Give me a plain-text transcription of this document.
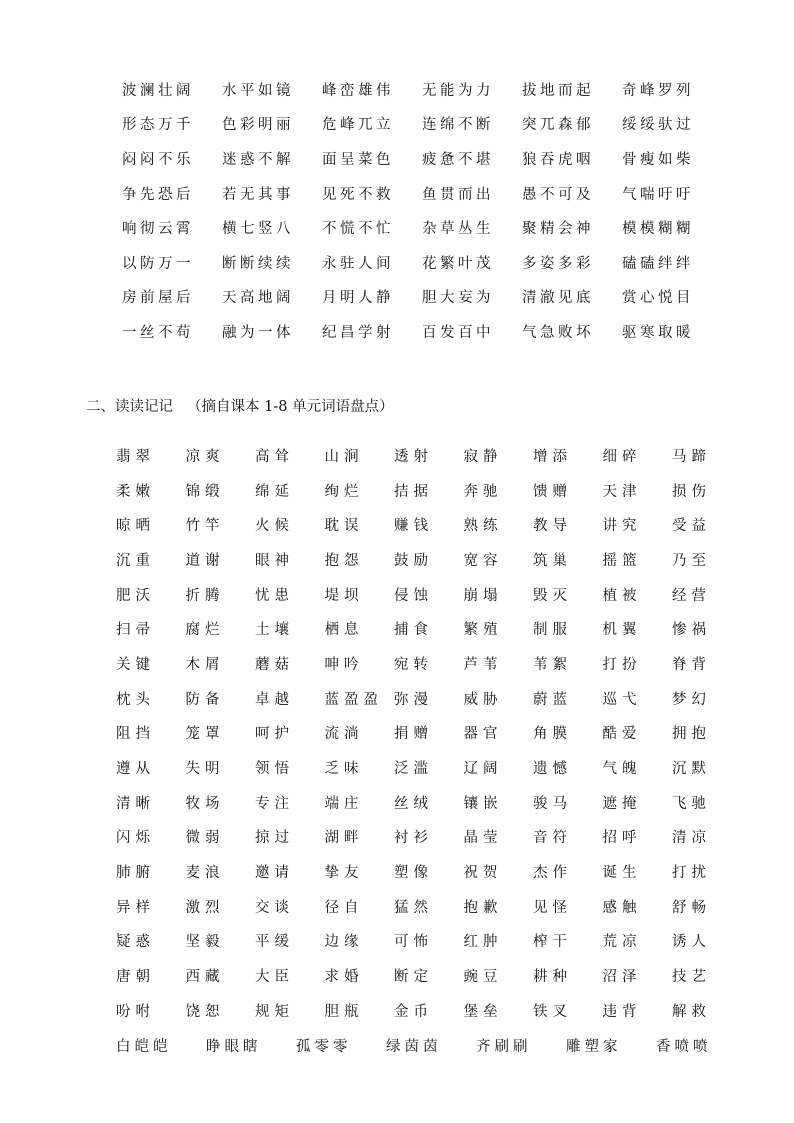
波澜壮阔	水平如镜	峰峦雄伟	无能为力	拔地而起	奇峰罗列
形态万千	色彩明丽	危峰兀立	连绵不断	突兀森郁	绥绥驮过
闷闷不乐	迷惑不解	面呈菜色	疲惫不堪	狼吞虎咽	骨瘦如柴
争先恐后	若无其事	见死不救	鱼贯而出	愚不可及	气喘吁吁
响彻云霄	横七竖八	不慌不忙	杂草丛生	聚精会神	模模糊糊
以防万一	断断续续	永驻人间	花繁叶茂	多姿多彩	磕磕绊绊
房前屋后	天高地阔	月明人静	胆大妄为	清澈见底	赏心悦目
一丝不苟	融为一体	纪昌学射	百发百中	气急败坏	驱寒取暖
二、读读记记 （摘自课本 1-8 单元词语盘点）
翡翠	凉爽	高耸	山涧	透射	寂静	增添	细碎	马蹄
柔嫩	锦缎	绵延	绚烂	拮据	奔驰	馈赠	天津	损伤
晾晒	竹竿	火候	耽误	赚钱	熟练	教导	讲究	受益
沉重	道谢	眼神	抱怨	鼓励	宽容	筑巢	摇篮	乃至
肥沃	折腾	忧患	堤坝	侵蚀	崩塌	毁灭	植被	经营
扫帚	腐烂	土壤	栖息	捕食	繁殖	制服	机翼	惨祸
关键	木屑	蘑菇	呻吟	宛转	芦苇	苇絮	打扮	脊背
枕头	防备	卓越	蓝盈盈 弥漫	威胁	蔚蓝	巡弋	梦幻
阻挡	笼罩	呵护	流淌	捐赠	器官	角膜	酷爱	拥抱
遵从	失明	领悟	乏味	泛滥	辽阔	遗憾	气魄	沉默
清晰	牧场	专注	端庄	丝绒	镶嵌	骏马	遮掩	飞驰
闪烁	微弱	掠过	湖畔	衬衫	晶莹	音符	招呼	清凉
肺腑	麦浪	邀请	挚友	塑像	祝贺	杰作	诞生	打扰
异样	激烈	交谈	径自	猛然	抱歉	见怪	感触	舒畅
疑惑	坚毅	平缓	边缘	可怖	红肿	榨干	荒凉	诱人
唐朝	西藏	大臣	求婚	断定	豌豆	耕种	沼泽	技艺
吩咐	饶恕	规矩	胆瓶	金币	堡垒	铁叉	违背	解救
白皑皑	睁眼瞎	孤零零	绿茵茵	齐刷刷	雕塑家	香喷喷
